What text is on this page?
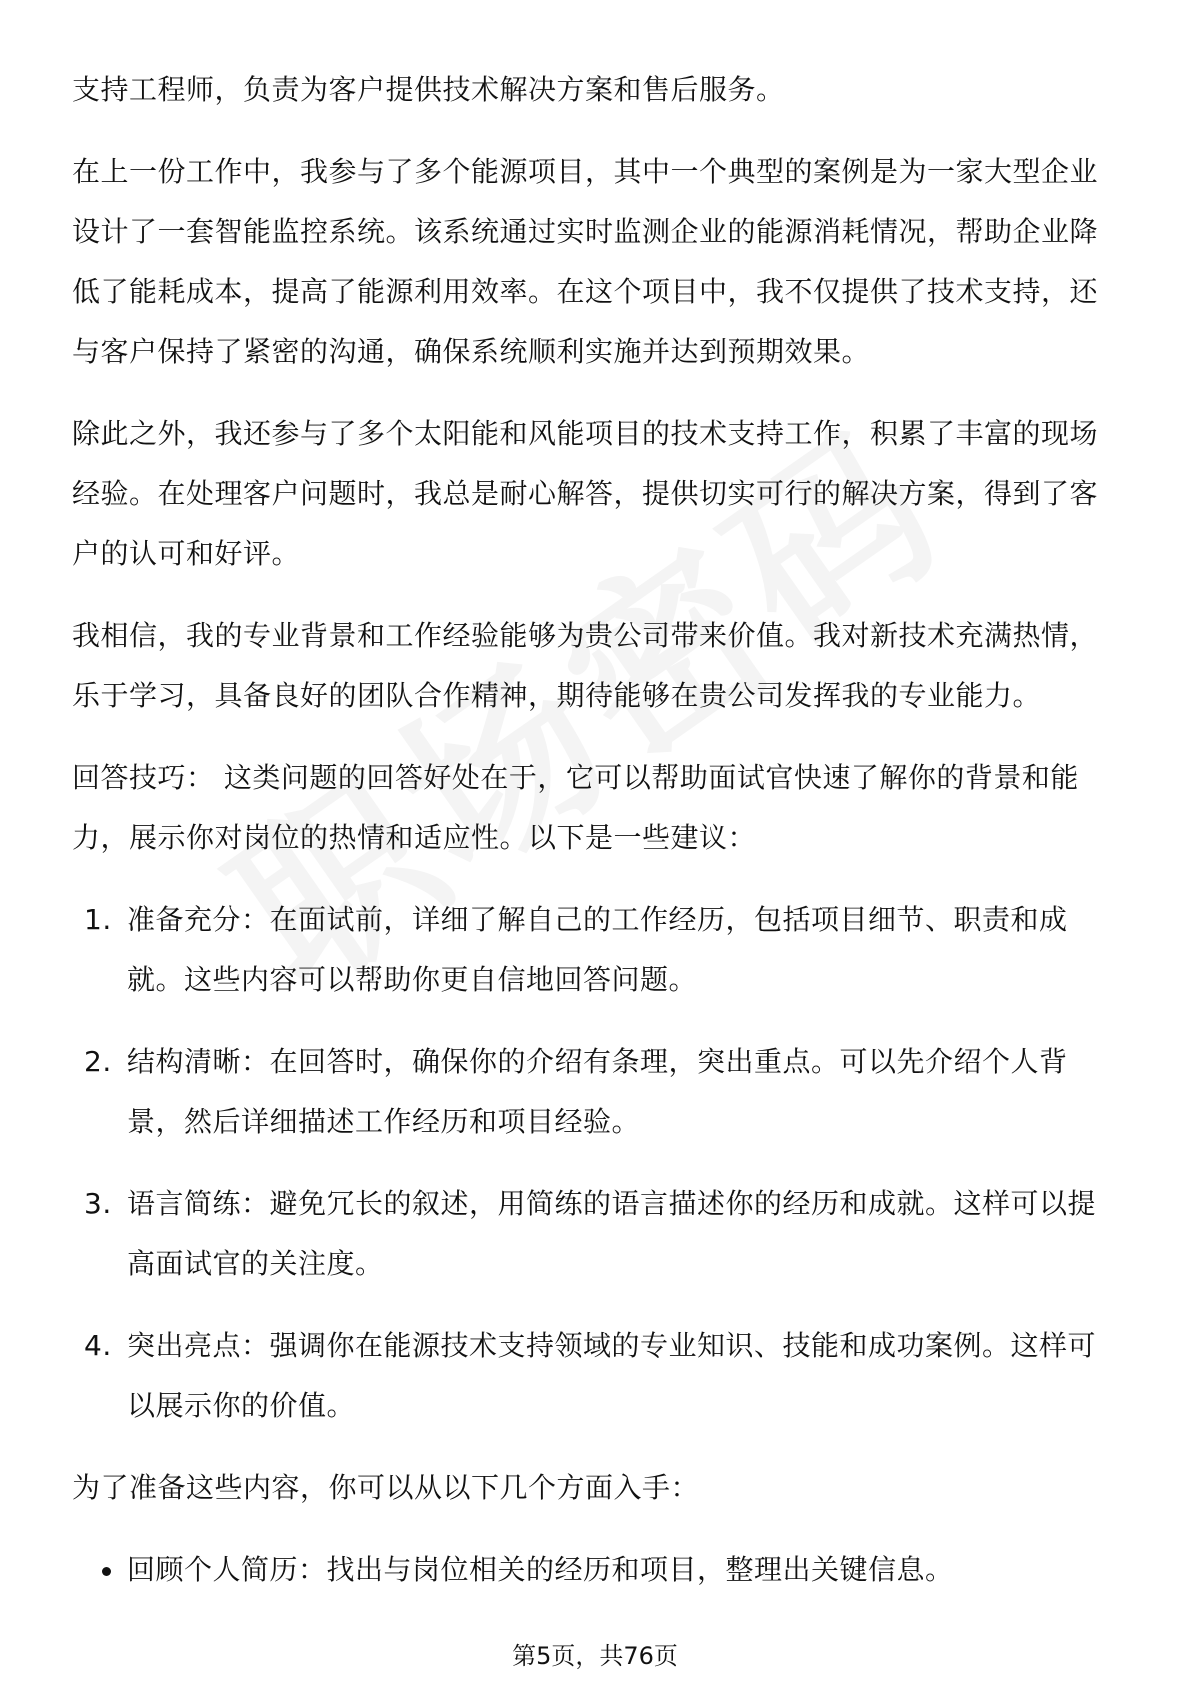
支持工程师，负责为客户提供技术解决方案和售后服务。

在上一份工作中，我参与了多个能源项目，其中一个典型的案例是为一家大型企业设计了一套智能监控系统。该系统通过实时监测企业的能源消耗情况，帮助企业降低了能耗成本，提高了能源利用效率。在这个项目中，我不仅提供了技术支持，还与客户保持了紧密的沟通，确保系统顺利实施并达到预期效果。

除此之外，我还参与了多个太阳能和风能项目的技术支持工作，积累了丰富的现场经验。在处理客户问题时，我总是耐心解答，提供切实可行的解决方案，得到了客户的认可和好评。

我相信，我的专业背景和工作经验能够为贵公司带来价值。我对新技术充满热情，乐于学习，具备良好的团队合作精神，期待能够在贵公司发挥我的专业能力。

回答技巧： 这类问题的回答好处在于，它可以帮助面试官快速了解你的背景和能力，展示你对岗位的热情和适应性。以下是一些建议：

1. 准备充分：在面试前，详细了解自己的工作经历，包括项目细节、职责和成就。这些内容可以帮助你更自信地回答问题。
2. 结构清晰：在回答时，确保你的介绍有条理，突出重点。可以先介绍个人背景，然后详细描述工作经历和项目经验。
3. 语言简练：避免冗长的叙述，用简练的语言描述你的经历和成就。这样可以提高面试官的关注度。
4. 突出亮点：强调你在能源技术支持领域的专业知识、技能和成功案例。这样可以展示你的价值。

为了准备这些内容，你可以从以下几个方面入手：

回顾个人简历：找出与岗位相关的经历和项目，整理出关键信息。
第5页，共76页
